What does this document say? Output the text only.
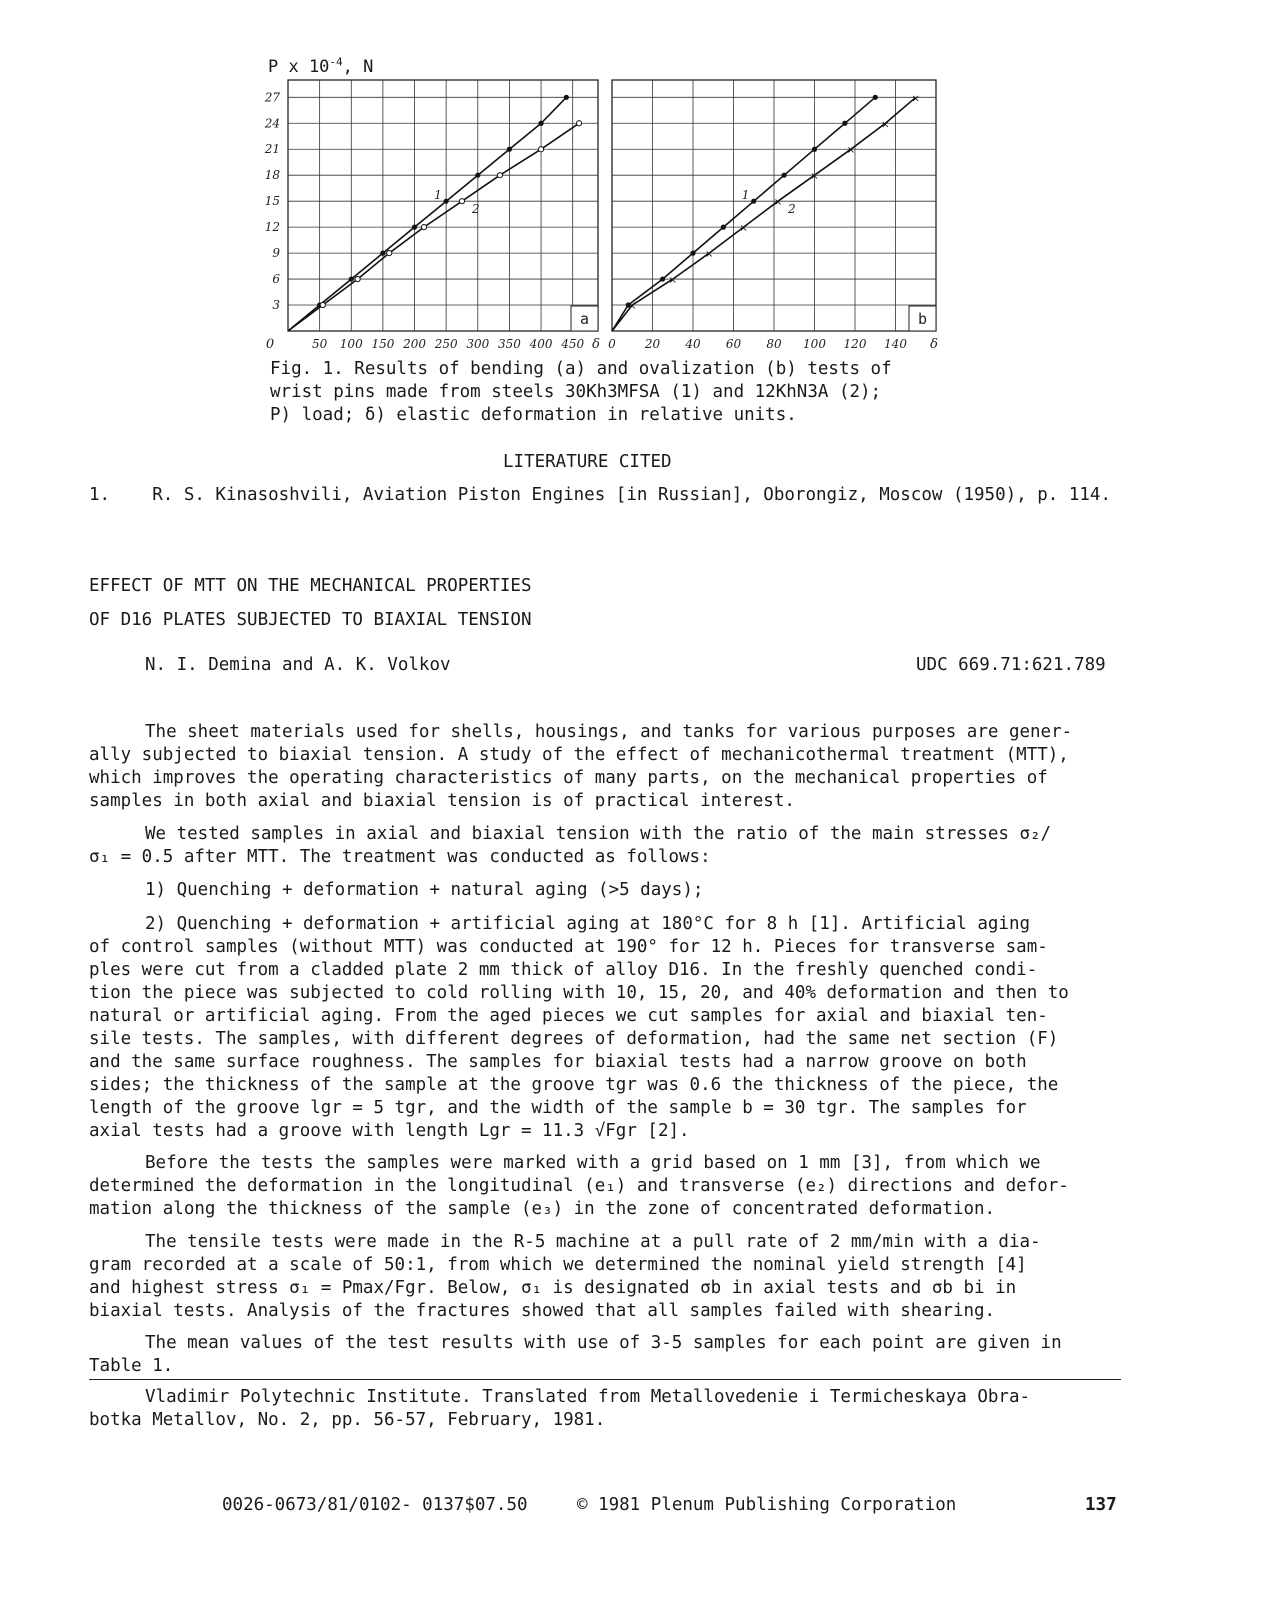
P x $10^{-4}$, N
50 100 150 200 250 300 350 400 450
3
6
9
12
15
18
21
24
27
δ
0
a
1
2
0 20 40 60 80 100 120 140 δ
b
1
×
×
×
×
×
×
×
×
×
2
Fig. 1. Results of bending (a) and ovalization (b) tests of
wrist pins made from steels 30Kh3MFSA (1) and 12KhN3A (2);
P) load; δ) elastic deformation in relative units.
LITERATURE CITED
1.    R. S. Kinasoshvili, Aviation Piston Engines [in Russian], Oborongiz, Moscow (1950), p. 114.
EFFECT OF MTT ON THE MECHANICAL PROPERTIES
OF D16 PLATES SUBJECTED TO BIAXIAL TENSION
N. I. Demina and A. K. Volkov	UDC 669.71:621.789
The sheet materials used for shells, housings, and tanks for various purposes are gener-
ally subjected to biaxial tension. A study of the effect of mechanicothermal treatment (MTT),
which improves the operating characteristics of many parts, on the mechanical properties of
samples in both axial and biaxial tension is of practical interest.
We tested samples in axial and biaxial tension with the ratio of the main stresses σ₂/
σ₁ = 0.5 after MTT. The treatment was conducted as follows:
1) Quenching + deformation + natural aging (>5 days);
2) Quenching + deformation + artificial aging at 180°C for 8 h [1]. Artificial aging
of control samples (without MTT) was conducted at 190° for 12 h. Pieces for transverse sam-
ples were cut from a cladded plate 2 mm thick of alloy D16. In the freshly quenched condi-
tion the piece was subjected to cold rolling with 10, 15, 20, and 40% deformation and then to
natural or artificial aging. From the aged pieces we cut samples for axial and biaxial ten-
sile tests. The samples, with different degrees of deformation, had the same net section (F)
and the same surface roughness. The samples for biaxial tests had a narrow groove on both
sides; the thickness of the sample at the groove tgr was 0.6 the thickness of the piece, the
length of the groove lgr = 5 tgr, and the width of the sample b = 30 tgr. The samples for
axial tests had a groove with length Lgr = 11.3 √Fgr [2].
Before the tests the samples were marked with a grid based on 1 mm [3], from which we
determined the deformation in the longitudinal (e₁) and transverse (e₂) directions and defor-
mation along the thickness of the sample (e₃) in the zone of concentrated deformation.
The tensile tests were made in the R-5 machine at a pull rate of 2 mm/min with a dia-
gram recorded at a scale of 50:1, from which we determined the nominal yield strength [4]
and highest stress σ₁ = Pmax/Fgr. Below, σ₁ is designated σb in axial tests and σb bi in
biaxial tests. Analysis of the fractures showed that all samples failed with shearing.
The mean values of the test results with use of 3-5 samples for each point are given in
Table 1.
Vladimir Polytechnic Institute. Translated from Metallovedenie i Termicheskaya Obra-
botka Metallov, No. 2, pp. 56-57, February, 1981.
0026-0673/81/0102- 0137$07.50	© 1981 Plenum Publishing Corporation	137
